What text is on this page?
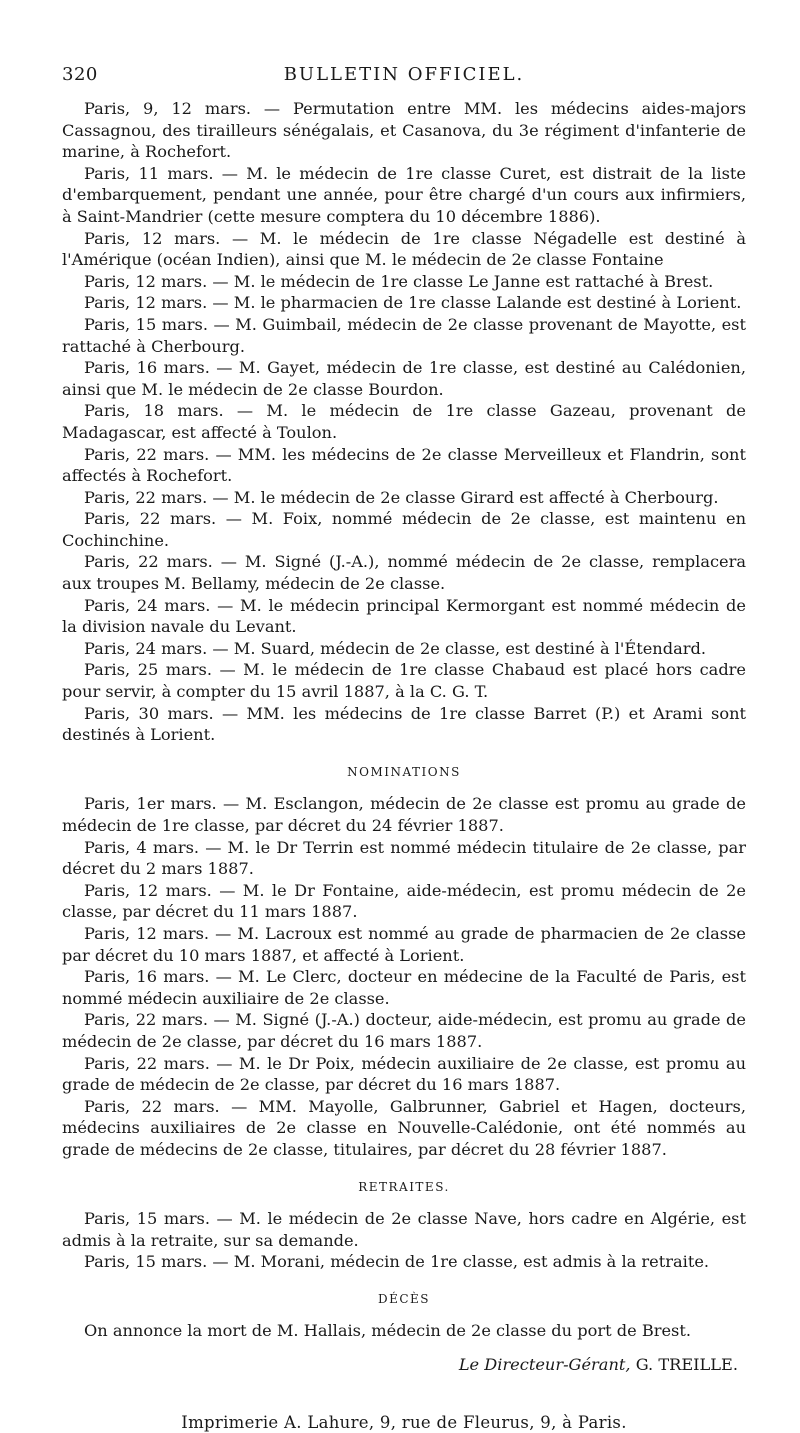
320	BULLETIN OFFICIEL.

Paris, 9, 12 mars. — Permutation entre MM. les médecins aides-majors Cassagnou, des tirailleurs sénégalais, et Casanova, du 3e régiment d'infanterie de marine, à Rochefort.

Paris, 11 mars. — M. le médecin de 1re classe Curet, est distrait de la liste d'embarquement, pendant une année, pour être chargé d'un cours aux infirmiers, à Saint-Mandrier (cette mesure comptera du 10 décembre 1886).

Paris, 12 mars. — M. le médecin de 1re classe Négadelle est destiné à l'Amérique (océan Indien), ainsi que M. le médecin de 2e classe Fontaine

Paris, 12 mars. — M. le médecin de 1re classe Le Janne est rattaché à Brest.

Paris, 12 mars. — M. le pharmacien de 1re classe Lalande est destiné à Lorient.

Paris, 15 mars. — M. Guimbail, médecin de 2e classe provenant de Mayotte, est rattaché à Cherbourg.

Paris, 16 mars. — M. Gayet, médecin de 1re classe, est destiné au Calédonien, ainsi que M. le médecin de 2e classe Bourdon.

Paris, 18 mars. — M. le médecin de 1re classe Gazeau, provenant de Madagascar, est affecté à Toulon.

Paris, 22 mars. — MM. les médecins de 2e classe Merveilleux et Flandrin, sont affectés à Rochefort.

Paris, 22 mars. — M. le médecin de 2e classe Girard est affecté à Cherbourg.

Paris, 22 mars. — M. Foix, nommé médecin de 2e classe, est maintenu en Cochinchine.

Paris, 22 mars. — M. Signé (J.-A.), nommé médecin de 2e classe, remplacera aux troupes M. Bellamy, médecin de 2e classe.

Paris, 24 mars. — M. le médecin principal Kermorgant est nommé médecin de la division navale du Levant.

Paris, 24 mars. — M. Suard, médecin de 2e classe, est destiné à l'Étendard.

Paris, 25 mars. — M. le médecin de 1re classe Chabaud est placé hors cadre pour servir, à compter du 15 avril 1887, à la C. G. T.

Paris, 30 mars. — MM. les médecins de 1re classe Barret (P.) et Arami sont destinés à Lorient.

NOMINATIONS

Paris, 1er mars. — M. Esclangon, médecin de 2e classe est promu au grade de médecin de 1re classe, par décret du 24 février 1887.

Paris, 4 mars. — M. le Dr Terrin est nommé médecin titulaire de 2e classe, par décret du 2 mars 1887.

Paris, 12 mars. — M. le Dr Fontaine, aide-médecin, est promu médecin de 2e classe, par décret du 11 mars 1887.

Paris, 12 mars. — M. Lacroux est nommé au grade de pharmacien de 2e classe par décret du 10 mars 1887, et affecté à Lorient.

Paris, 16 mars. — M. Le Clerc, docteur en médecine de la Faculté de Paris, est nommé médecin auxiliaire de 2e classe.

Paris, 22 mars. — M. Signé (J.-A.) docteur, aide-médecin, est promu au grade de médecin de 2e classe, par décret du 16 mars 1887.

Paris, 22 mars. — M. le Dr Poix, médecin auxiliaire de 2e classe, est promu au grade de médecin de 2e classe, par décret du 16 mars 1887.

Paris, 22 mars. — MM. Mayolle, Galbrunner, Gabriel et Hagen, docteurs, médecins auxiliaires de 2e classe en Nouvelle-Calédonie, ont été nommés au grade de médecins de 2e classe, titulaires, par décret du 28 février 1887.

RETRAITES.

Paris, 15 mars. — M. le médecin de 2e classe Nave, hors cadre en Algérie, est admis à la retraite, sur sa demande.

Paris, 15 mars. — M. Morani, médecin de 1re classe, est admis à la retraite.

DÉCÈS

On annonce la mort de M. Hallais, médecin de 2e classe du port de Brest.

Le Directeur-Gérant, G. TREILLE.
Imprimerie A. Lahure, 9, rue de Fleurus, 9, à Paris.
